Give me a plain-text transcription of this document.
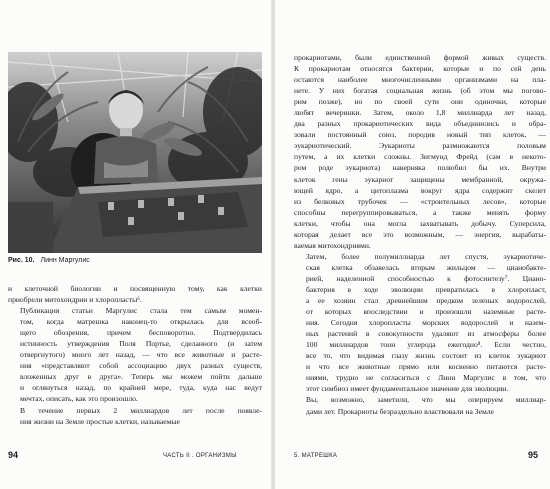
Рис. 10. Линн Маргулис

и клеточной биологии и посвященную тому, как клетки
приобрели митохондрии и хлоропласты⁶.

Публикация статьи Маргулис стала тем самым момен-
том, когда матрешка наконец-то открылась для всеоб-
щего обозрения, причем бесповоротно. Подтвердилась
истинность утверждения Поля Портье, сделанного (и затем
отвергнутого) много лет назад, — что все животные и расте-
ния «представляют собой ассоциацию двух разных существ,
вложенных друг в друга». Теперь мы можем пойти дальше
и оглянуться назад, по крайней мере, туда, куда нас ведут
мечтах, описать, как это произошло.

В течение первых 2 миллиардов лет после появле-
ния жизни на Земле простые клетки, называемые

94	ЧАСТЬ II . ОРГАНИЗМЫ

прокариотами, были единственной формой живых существ.
К прокариотам относятся бактерии, которые и по сей день
остаются наиболее многочисленными организмами на пла-
нете. У них богатая социальная жизнь (об этом мы погово-
рим позже), но по своей сути они одиночки, которые
любят вечеринки. Затем, около 1,8 миллиарда лет назад,
два разных прокариотических вида объединились и обра-
зовали постоянный союз, породив новый тип клеток, —
эукариотический. Эукариоты размножаются половым
путем, а их клетки сложны. Зигмунд Фрейд (сам в некото-
ром роде эукариота) наверняка полюбил бы их. Внутри
клеток гены эукариот защищены мембранной, окружа-
ющей ядро, а цитоплазма вокруг ядра содержит скелет
из белковых трубочек — «строительных лесов», которые
способны перегруппировываться, а также менять форму
клетки, чтобы она могла захватывать добычу. Суперсила,
которая делает все это возможным, — энергия, вырабаты-
ваемая митохондриями.

Затем, более полумиллиарда лет спустя, эукариотиче-
ская клетка обзавелась вторым жильцом — цианобакте-
рией, наделенной способностью к фотосинтезу⁷. Циано-
бактерия в ходе эволюции превратилась в хлоропласт,
а ее хозяин стал древнейшим предком зеленых водорослей,
от которых впоследствии и произошли наземные расте-
ния. Сегодня хлоропласты морских водорослей и назем-
ных растений в совокупности удаляют из атмосферы более
100 миллиардов тонн углерода ежегодно⁸. Если честно,
все то, что видимая глазу жизнь состоит из клеток эукариот
и что все животные прямо или косвенно питаются расте-
ниями, трудно не согласиться с Линн Маргулис в том, что
этот симбиоз имеет фундаментальное значение для эволюции.

Вы, возможно, заметили, что мы оперируем миллиар-
дами лет. Прокариоты безраздельно властвовали на Земле

5. МАТРЕШКА	95
